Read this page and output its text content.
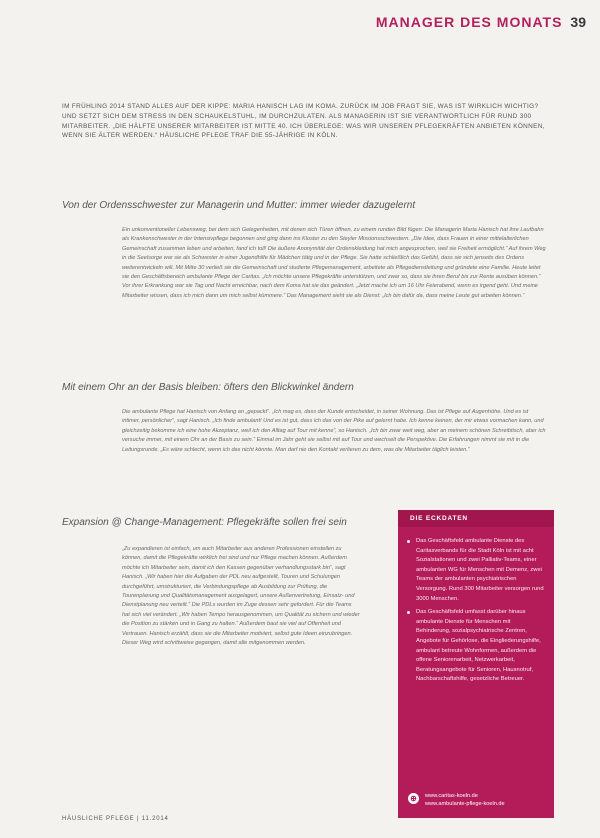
MANAGER DES MONATS 39
IM FRÜHLING 2014 STAND ALLES AUF DER KIPPE: MARIA HANISCH LAG IM KOMA. ZURÜCK IM JOB FRAGT SIE, WAS IST WIRKLICH WICHTIG? UND SETZT SICH DEM STRESS IN DEN SCHAUKELSTUHL, IM DURCHZULATEN. ALS MANAGERIN IST SIE VERANTWORTLICH FÜR RUND 300 MITARBEITER. „DIE HÄLFTE UNSERER MITARBEITER IST MITTE 40. ICH ÜBERLEGE: WAS WIR UNSEREN PFLEGEKRÄFTEN ANBIETEN KÖNNEN, WENN SIE ÄLTER WERDEN.“ HÄUSLICHE PFLEGE TRAF DIE 55-JÄHRIGE IN KÖLN.
Von der Ordensschwester zur Managerin und Mutter: immer wieder dazugelernt
Ein unkonventioneller Lebensweg, bei dem sich Gelegenheiten, mit denen sich Türen öffnen, zu einem runden Bild fügen: Die Managerin Maria Hanisch hat ihre Laufbahn als Krankenschwester in der Intensivpflege begonnen und ging dann ins Kloster zu den Steyler Missionsschwestern. „Die Idee, dass Frauen in einer mittelalterlichen Gemeinschaft zusammen leben und arbeiten, fand ich toll! Die äußere Anonymität der Ordenskleidung hat mich angesprochen, weil sie Freiheit ermöglicht.“ Auf ihrem Weg in die Seelsorge war sie als Schwester in einer Jugendhilfe für Mädchen tätig und in der Pflege. Sie hatte schließlich das Gefühl, dass sie sich jenseits des Ordens weiterentwickeln will. Mit Mitte 30 verließ sie die Gemeinschaft und studierte Pflegemanagement, arbeitete als Pflegedienstleitung und gründete eine Familie. Heute leitet sie den Geschäftsbereich ambulante Pflege der Caritas. „Ich möchte unsere Pflegekräfte unterstützen, und zwar so, dass sie ihren Beruf bis zur Rente ausüben können.“ Vor ihrer Erkrankung war sie Tag und Nacht erreichbar, nach dem Koma hat sie das geändert. „Jetzt mache ich um 16 Uhr Feierabend, wenn es irgend geht. Und meine Mitarbeiter wissen, dass ich mich dann um mich selbst kümmere.“ Das Management sieht sie als Dienst: „Ich bin dafür da, dass meine Leute gut arbeiten können.“
Mit einem Ohr an der Basis bleiben: öfters den Blickwinkel ändern
Die ambulante Pflege hat Hanisch von Anfang an „gepackt“. „Ich mag es, dass der Kunde entscheidet, in seiner Wohnung. Das ist Pflege auf Augenhöhe. Und es ist intimer, persönlicher“, sagt Hanisch. „Ich finde ambulant! Und es ist gut, dass ich das von der Pike auf gelernt habe. Ich kenne keinen, der mir etwas vormachen kann, und gleichzeitig bekomme ich eine hohe Akzeptanz, weil ich den Alltag auf Tour mit kenne“, so Hanisch. „Ich bin zwar weit weg, aber an meinem schönen Schreibtisch, aber ich versuche immer, mit einem Ohr an der Basis zu sein.“ Einmal im Jahr geht sie selbst mit auf Tour und wechselt die Perspektive. Die Erfahrungen nimmt sie mit in die Leitungsrunde. „Es wäre schlecht, wenn ich das nicht könnte. Man darf nie den Kontakt verlieren zu dem, was die Mitarbeiter täglich leisten.“
Expansion @ Change-Management: Pflegekräfte sollen frei sein
„Zu expandieren ist einfach, um auch Mitarbeiter aus anderen Professionen einstellen zu können, damit die Pflegekräfte wirklich frei sind und nur Pflege machen können. Außerdem möchte ich Mitarbeiter sein, damit ich den Kassen gegenüber verhandlungsstark bin“, sagt Hanisch. „Wir haben hier die Aufgaben der PDL neu aufgestellt, Touren und Schulungen durchgeführt, umstrukturiert, die Verbindungspflege ab Ausbildung zur Prüfung, die Tourenplanung und Qualitätsmanagement ausgelagert, unsere Außenvertretung, Einsatz- und Dienstplanung neu verteilt.“ Die PDLs wurden im Zuge dessen sehr gefordert. Für die Teams hat sich viel verändert. „Wir haben Tempo herausgenommen, um Qualität zu sichern und wieder die Position zu stärken und in Gang zu halten.“ Außerdem baut sie viel auf Offenheit und Vertrauen. Hanisch erzählt, dass sie die Mitarbeiter motiviert, selbst gute Ideen einzubringen. Dieser Weg wird schrittweise gegangen, damit alle mitgenommen werden.
DIE ECKDATEN
Das Geschäftsfeld ambulante Dienste des Caritasverbands für die Stadt Köln ist mit acht Sozialstationen und zwei Palliativ-Teams, einer ambulanten WG für Menschen mit Demenz, zwei Teams der ambulanten psychiatrischen Versorgung. Rund 300 Mitarbeiter versorgen rund 3000 Menschen.
Das Geschäftsfeld umfasst darüber hinaus ambulante Dienste für Menschen mit Behinderung, sozialpsychiatrische Zentren, Angebote für Gehörlose, die Eingliederungshilfe, ambulant betreute Wohnformen, außerdem die offene Seniorenarbeit, Netzwerkarbeit, Beratungsangebote für Senioren, Hausnotruf, Nachbarschaftshilfe, gesetzliche Betreuer.
⊕	www.caritas-koeln.de
www.ambulante-pflege-koeln.de
HÄUSLICHE PFLEGE | 11.2014
